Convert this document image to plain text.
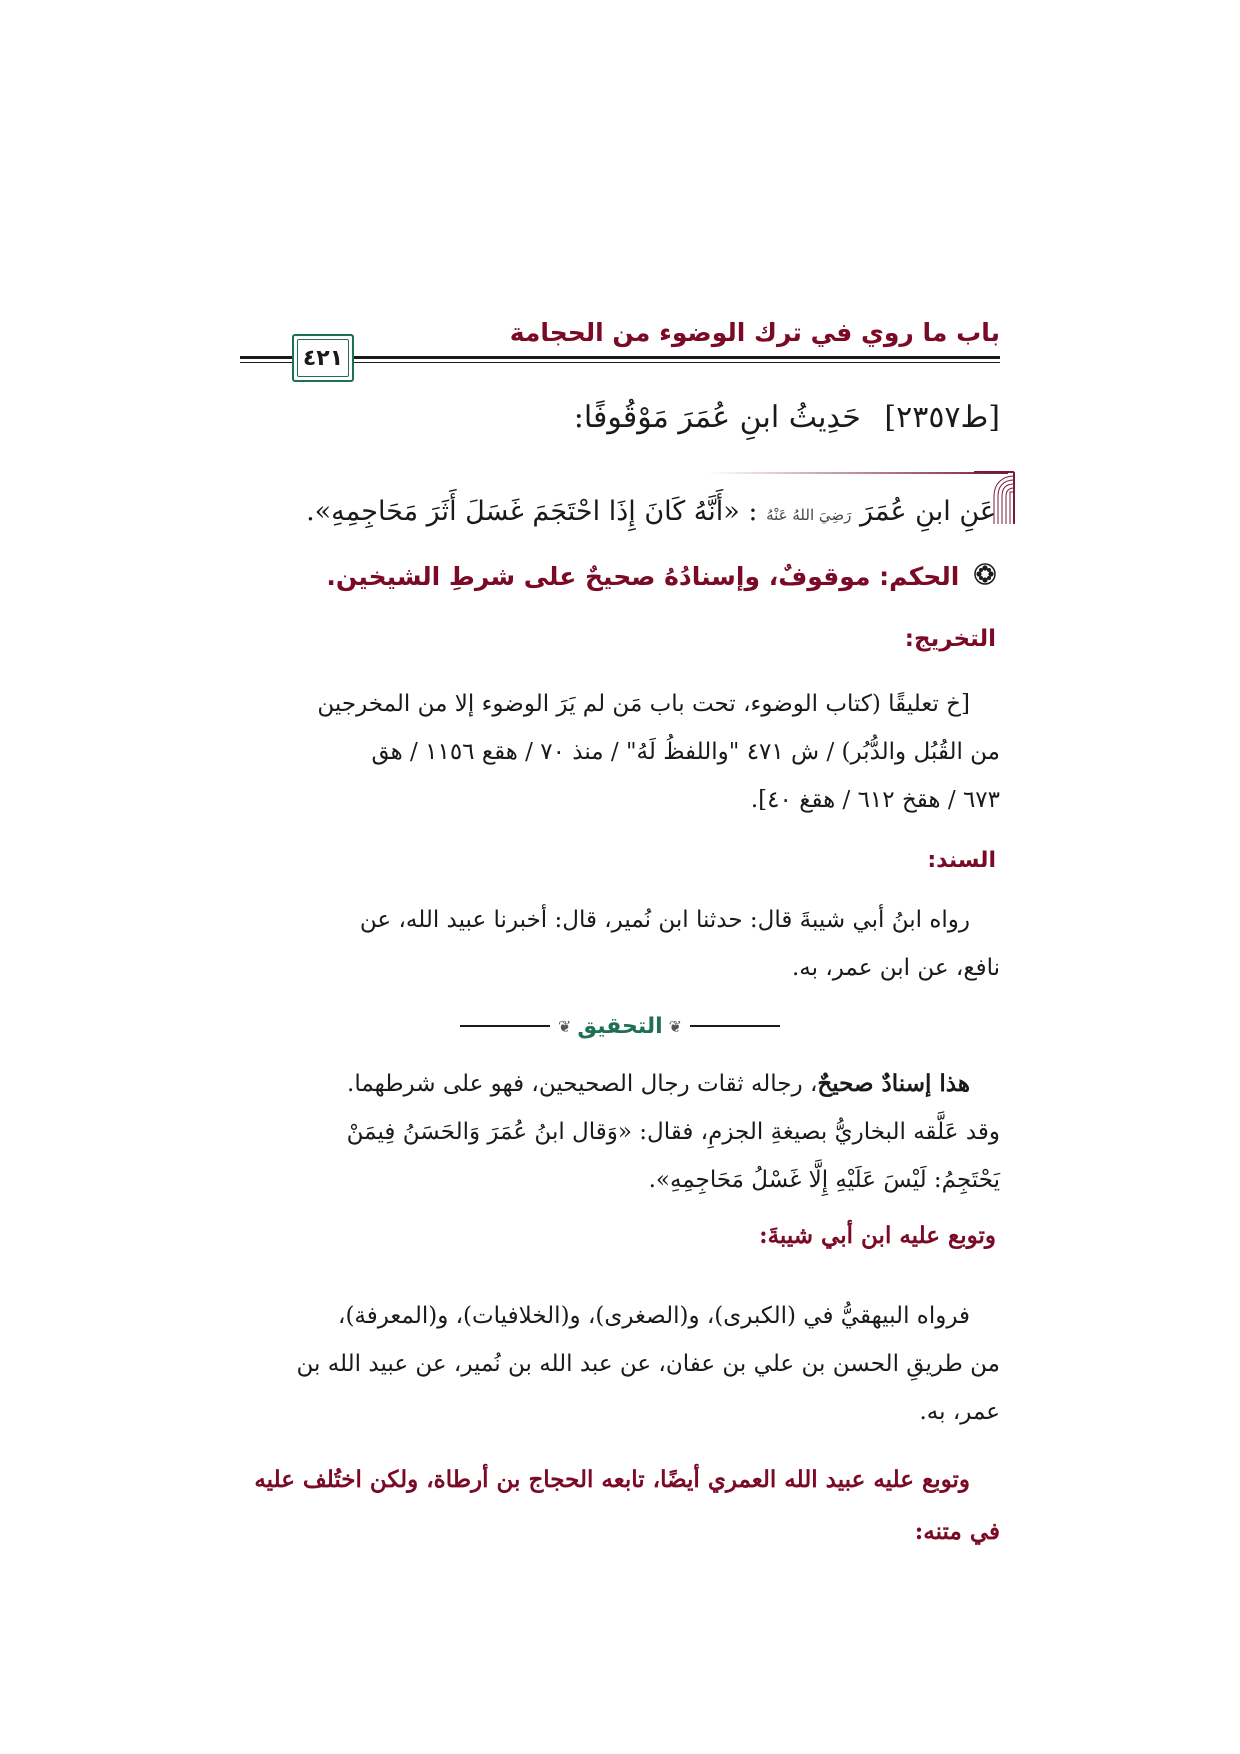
باب ما روي في ترك الوضوء من الحجامة
٤٢١
[ط٢٣٥٧] حَدِيثُ ابنِ عُمَرَ مَوْقُوفًا:
عَنِ ابنِ عُمَرَ رَضِيَ اللهُ عَنْهُ : «أَنَّهُ كَانَ إِذَا احْتَجَمَ غَسَلَ أَثَرَ مَحَاجِمِهِ».
الحكم: موقوفٌ، وإسنادُهُ صحيحٌ على شرطِ الشيخين.
التخريج:
[خ تعليقًا (كتاب الوضوء، تحت باب مَن لم يَرَ الوضوء إلا من المخرجين
من القُبُل والدُّبُر) / ش ٤٧١ "واللفظُ لَهُ" / منذ ٧٠ / هقع ١١٥٦ / هق
٦٧٣ / هقخ ٦١٢ / هقغ ٤٠].
السند:
رواه ابنُ أبي شيبةَ قال: حدثنا ابن نُمير، قال: أخبرنا عبيد الله، عن
نافع، عن ابن عمر، به.
❦
التحقيق
❦
هذا إسنادٌ صحيحٌ، رجاله ثقات رجال الصحيحين، فهو على شرطهما.
وقد عَلَّقه البخاريُّ بصيغةِ الجزمِ، فقال: «وَقال ابنُ عُمَرَ وَالحَسَنُ فِيمَنْ
يَحْتَجِمُ: لَيْسَ عَلَيْهِ إِلَّا غَسْلُ مَحَاجِمِهِ».
وتوبع عليه ابن أبي شيبةَ:
فرواه البيهقيُّ في (الكبرى)، و(الصغرى)، و(الخلافيات)، و(المعرفة)،
من طريقِ الحسن بن علي بن عفان، عن عبد الله بن نُمير، عن عبيد الله بن
عمر، به.
وتوبع عليه عبيد الله العمري أيضًا، تابعه الحجاج بن أرطاة، ولكن اختُلف عليه
في متنه:
